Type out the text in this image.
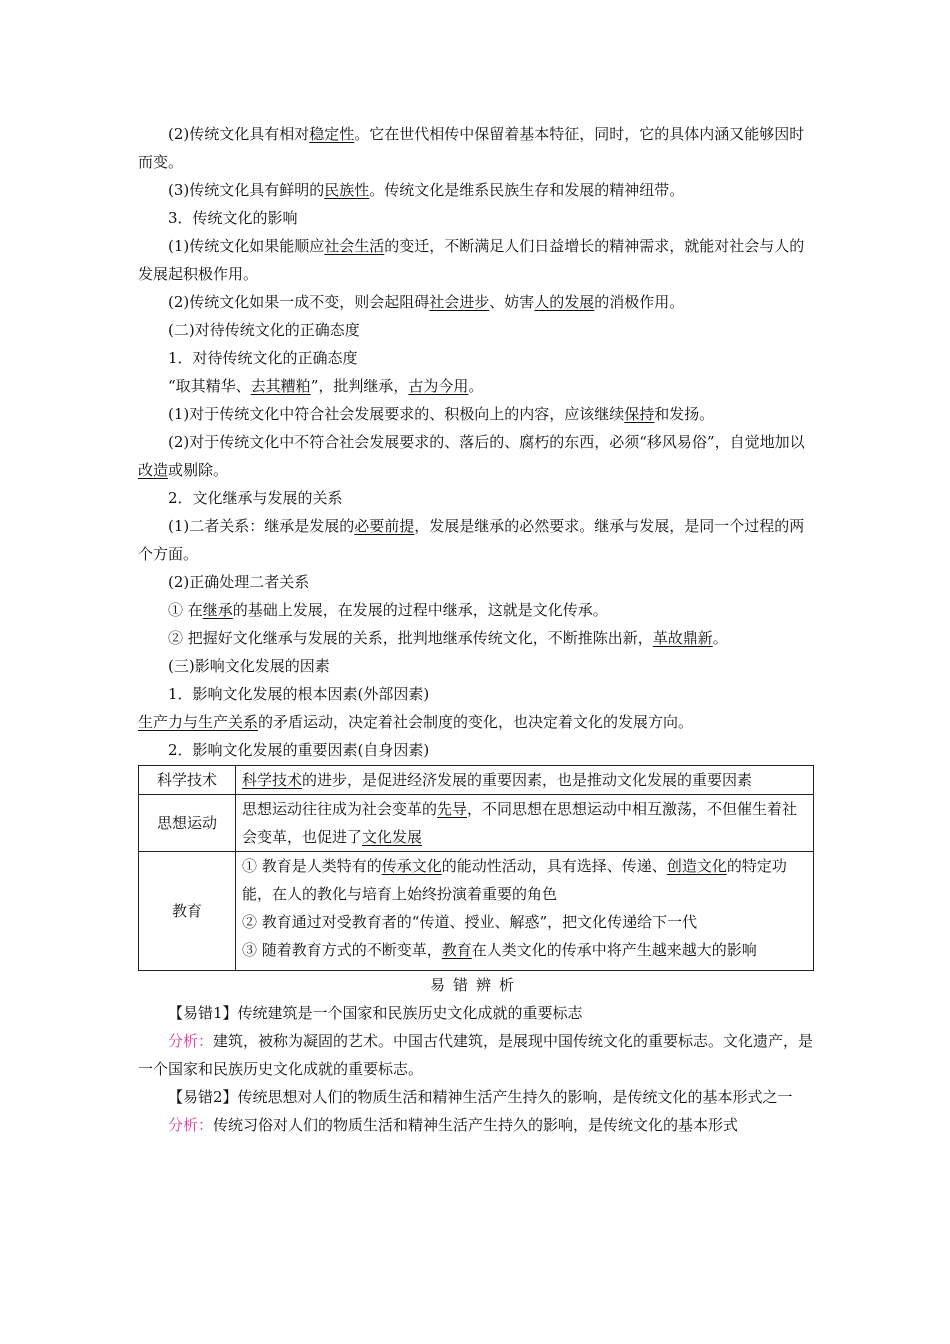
(2)传统文化具有相对稳定性。它在世代相传中保留着基本特征，同时，它的具体内涵又能够因时而变。

(3)传统文化具有鲜明的民族性。传统文化是维系民族生存和发展的精神纽带。

3．传统文化的影响

(1)传统文化如果能顺应社会生活的变迁，不断满足人们日益增长的精神需求，就能对社会与人的发展起积极作用。

(2)传统文化如果一成不变，则会起阻碍社会进步、妨害人的发展的消极作用。

(二)对待传统文化的正确态度

1．对待传统文化的正确态度

“取其精华、去其糟粕”，批判继承，古为今用。

(1)对于传统文化中符合社会发展要求的、积极向上的内容，应该继续保持和发扬。

(2)对于传统文化中不符合社会发展要求的、落后的、腐朽的东西，必须“移风易俗”，自觉地加以改造或剔除。

2．文化继承与发展的关系

(1)二者关系：继承是发展的必要前提，发展是继承的必然要求。继承与发展，是同一个过程的两个方面。

(2)正确处理二者关系

① 在继承的基础上发展，在发展的过程中继承，这就是文化传承。

② 把握好文化继承与发展的关系，批判地继承传统文化，不断推陈出新，革故鼎新。

(三)影响文化发展的因素

1．影响文化发展的根本因素(外部因素)

生产力与生产关系的矛盾运动，决定着社会制度的变化，也决定着文化的发展方向。

2．影响文化发展的重要因素(自身因素)

科学技术	科学技术的进步，是促进经济发展的重要因素，也是推动文化发展的重要因素
思想运动	思想运动往往成为社会变革的先导，不同思想在思想运动中相互激荡，不但催生着社会变革，也促进了文化发展
教育	① 教育是人类特有的传承文化的能动性活动，具有选择、传递、创造文化的特定功能，在人的教化与培育上始终扮演着重要的角色
② 教育通过对受教育者的“传道、授业、解惑”，把文化传递给下一代
③ 随着教育方式的不断变革，教育在人类文化的传承中将产生越来越大的影响

易错辨析

【易错1】传统建筑是一个国家和民族历史文化成就的重要标志

分析：建筑，被称为凝固的艺术。中国古代建筑，是展现中国传统文化的重要标志。文化遗产，是一个国家和民族历史文化成就的重要标志。

【易错2】传统思想对人们的物质生活和精神生活产生持久的影响，是传统文化的基本形式之一

分析：传统习俗对人们的物质生活和精神生活产生持久的影响，是传统文化的基本形式
